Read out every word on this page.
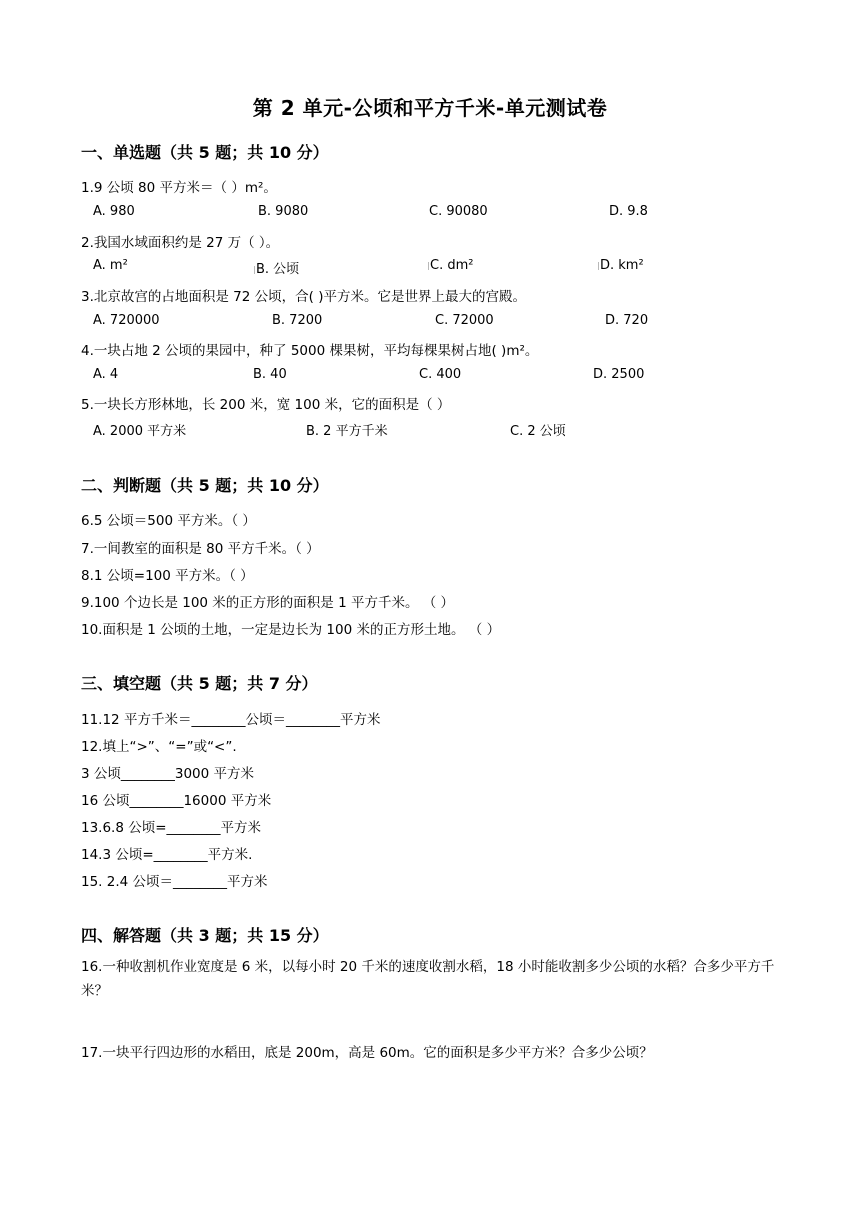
第 2 单元-公顷和平方千米-单元测试卷
一、单选题（共 5 题；共 10 分）
1.9 公顷 80 平方米＝（ ）m²。
A. 980	B. 9080	C. 90080	D. 9.8
2.我国水域面积约是 27 万（ ）。
A. m²	B. 公顷	C. dm²	D. km²
3.北京故宫的占地面积是 72 公顷，合( )平方米。它是世界上最大的宫殿。
A. 720000	B. 7200	C. 72000	D. 720
4.一块占地 2 公顷的果园中，种了 5000 棵果树，平均每棵果树占地( )m²。
A. 4	B. 40	C. 400	D. 2500
5.一块长方形林地，长 200 米，宽 100 米，它的面积是（ ）
A. 2000 平方米	B. 2 平方千米	C. 2 公顷
二、判断题（共 5 题；共 10 分）
6.5 公顷＝500 平方米。（ ）
7.一间教室的面积是 80 平方千米。（ ）
8.1 公顷=100 平方米。（ ）
9.100 个边长是 100 米的正方形的面积是 1 平方千米。 （ ）
10.面积是 1 公顷的土地，一定是边长为 100 米的正方形土地。 （ ）
三、填空题（共 5 题；共 7 分）
11.12 平方千米＝________公顷＝________平方米
12.填上“>”、“=”或“<”.
3 公顷________3000 平方米
16 公顷________16000 平方米
13.6.8 公顷=________平方米
14.3 公顷=________平方米.
15. 2.4 公顷＝________平方米
四、解答题（共 3 题；共 15 分）
16.一种收割机作业宽度是 6 米，以每小时 20 千米的速度收割水稻，18 小时能收割多少公顷的水稻？合多少平方千米？
17.一块平行四边形的水稻田，底是 200m，高是 60m。它的面积是多少平方米？合多少公顷？
